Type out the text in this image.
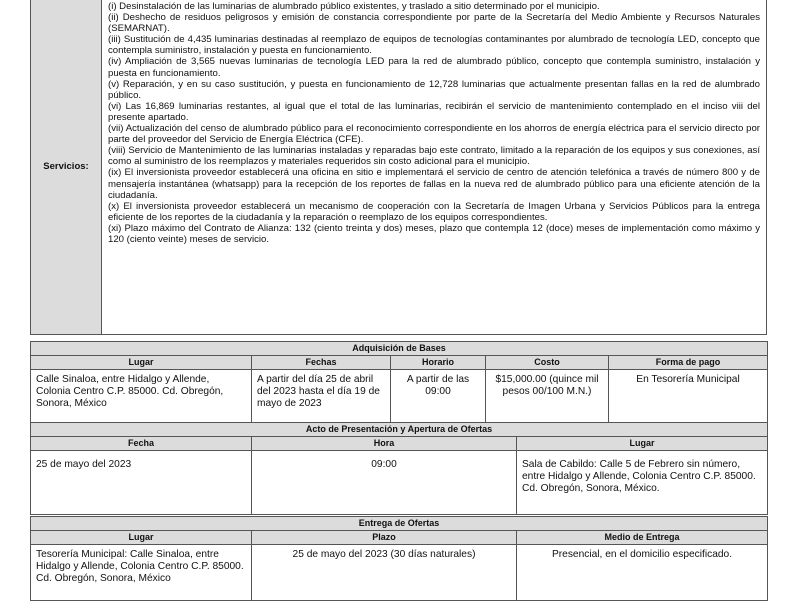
Servicios:	
(i) Desinstalación de las luminarias de alumbrado público existentes, y traslado a sitio determinado por el municipio.
(ii) Deshecho de residuos peligrosos y emisión de constancia correspondiente por parte de la Secretaría del Medio Ambiente y Recursos Naturales (SEMARNAT).
(iii) Sustitución de 4,435 luminarias destinadas al reemplazo de equipos de tecnologías contaminantes por alumbrado de tecnología LED, concepto que contempla suministro, instalación y puesta en funcionamiento.
(iv) Ampliación de 3,565 nuevas luminarias de tecnología LED para la red de alumbrado público, concepto que contempla suministro, instalación y puesta en funcionamiento.
(v) Reparación, y en su caso sustitución, y puesta en funcionamiento de 12,728 luminarias que actualmente presentan fallas en la red de alumbrado público.
(vi) Las 16,869 luminarias restantes, al igual que el total de las luminarias, recibirán el servicio de mantenimiento contemplado en el inciso viii del presente apartado.
(vii) Actualización del censo de alumbrado público para el reconocimiento correspondiente en los ahorros de energía eléctrica para el servicio directo por parte del proveedor del Servicio de Energía Eléctrica (CFE).
(viii) Servicio de Mantenimiento de las luminarias instaladas y reparadas bajo este contrato, limitado a la reparación de los equipos y sus conexiones, así como al suministro de los reemplazos y materiales requeridos sin costo adicional para el municipio.
(ix) El inversionista proveedor establecerá una oficina en sitio e implementará el servicio de centro de atención telefónica a través de número 800 y de mensajería instantánea (whatsapp) para la recepción de los reportes de fallas en la nueva red de alumbrado público para una eficiente atención de la ciudadanía.
(x) El inversionista proveedor establecerá un mecanismo de cooperación con la Secretaría de Imagen Urbana y Servicios Públicos para la entrega eficiente de los reportes de la ciudadanía y la reparación o reemplazo de los equipos correspondientes.
(xi) Plazo máximo del Contrato de Alianza: 132 (ciento treinta y dos) meses, plazo que contempla 12 (doce) meses de implementación como máximo y 120 (ciento veinte) meses de servicio.
Adquisición de Bases				
Lugar	Fechas	Horario	Costo	Forma de pago
Calle Sinaloa, entre Hidalgo y Allende, Colonia Centro C.P. 85000. Cd. Obregón, Sonora, México	A partir del día 25 de abril del 2023 hasta el día 19 de mayo de 2023	A partir de las 09:00	$15,000.00 (quince mil pesos 00/100 M.N.)	En Tesorería Municipal
Acto de Presentación y Apertura de Ofertas		
Fecha	Hora	Lugar
25 de mayo del 2023	09:00	Sala de Cabildo: Calle 5 de Febrero sin número, entre Hidalgo y Allende, Colonia Centro C.P. 85000. Cd. Obregón, Sonora, México.
Entrega de Ofertas		
Lugar	Plazo	Medio de Entrega
Tesorería Municipal: Calle Sinaloa, entre Hidalgo y Allende, Colonia Centro C.P. 85000. Cd. Obregón, Sonora, México	25 de mayo del 2023 (30 días naturales)	Presencial, en el domicilio especificado.
